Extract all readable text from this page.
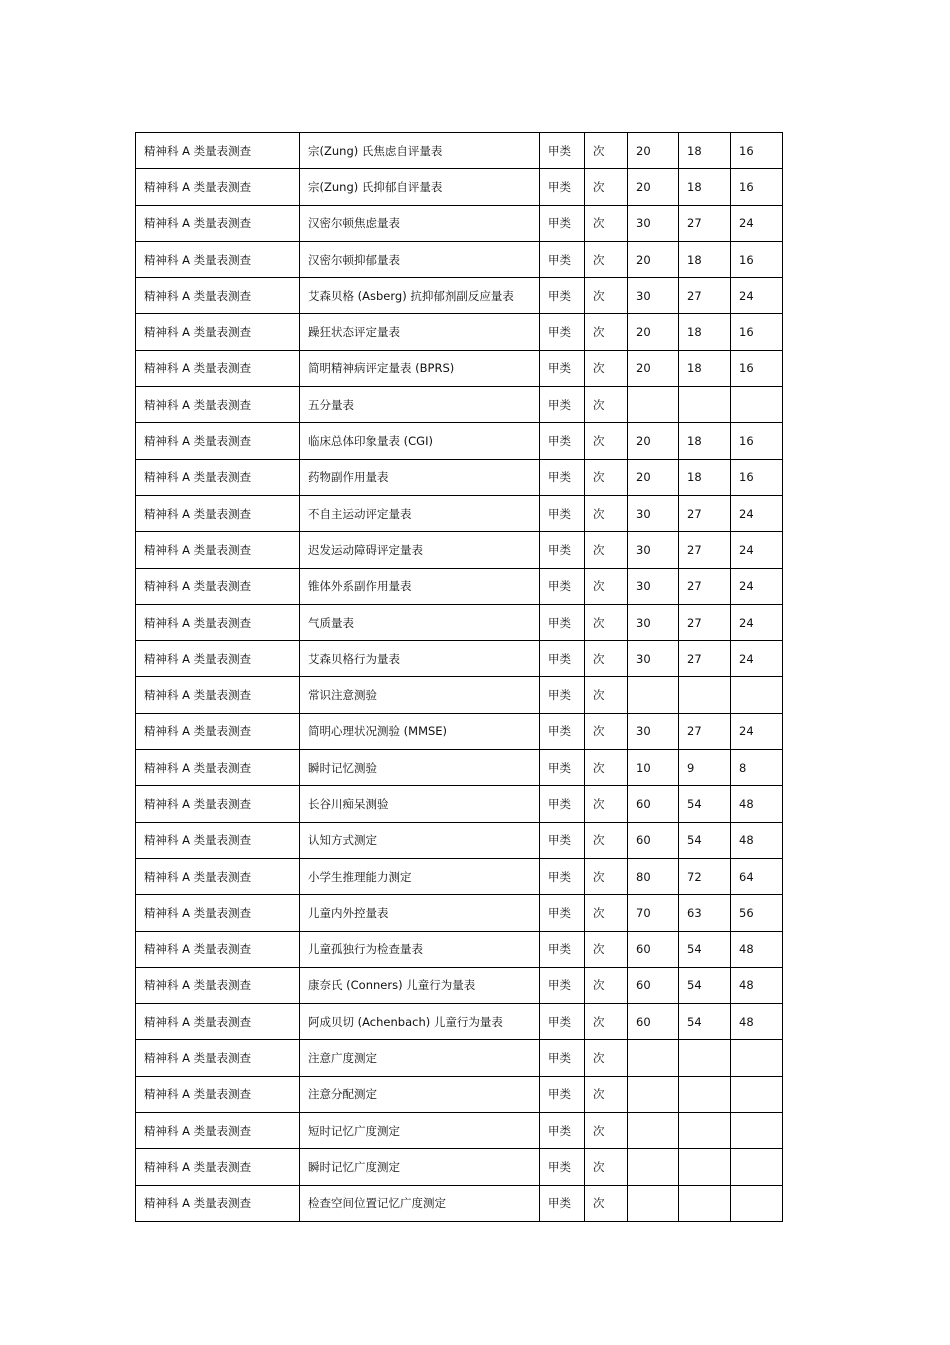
精神科 A 类量表测查	宗(Zung) 氏焦虑自评量表	甲类	次	20	18	16
精神科 A 类量表测查	宗(Zung) 氏抑郁自评量表	甲类	次	20	18	16
精神科 A 类量表测查	汉密尔顿焦虑量表	甲类	次	30	27	24
精神科 A 类量表测查	汉密尔顿抑郁量表	甲类	次	20	18	16
精神科 A 类量表测查	艾森贝格 (Asberg) 抗抑郁剂副反应量表	甲类	次	30	27	24
精神科 A 类量表测查	躁狂状态评定量表	甲类	次	20	18	16
精神科 A 类量表测查	简明精神病评定量表 (BPRS)	甲类	次	20	18	16
精神科 A 类量表测查	五分量表	甲类	次			
精神科 A 类量表测查	临床总体印象量表 (CGI)	甲类	次	20	18	16
精神科 A 类量表测查	药物副作用量表	甲类	次	20	18	16
精神科 A 类量表测查	不自主运动评定量表	甲类	次	30	27	24
精神科 A 类量表测查	迟发运动障碍评定量表	甲类	次	30	27	24
精神科 A 类量表测查	锥体外系副作用量表	甲类	次	30	27	24
精神科 A 类量表测查	气质量表	甲类	次	30	27	24
精神科 A 类量表测查	艾森贝格行为量表	甲类	次	30	27	24
精神科 A 类量表测查	常识注意测验	甲类	次			
精神科 A 类量表测查	简明心理状况测验 (MMSE)	甲类	次	30	27	24
精神科 A 类量表测查	瞬时记忆测验	甲类	次	10	9	8
精神科 A 类量表测查	长谷川痴呆测验	甲类	次	60	54	48
精神科 A 类量表测查	认知方式测定	甲类	次	60	54	48
精神科 A 类量表测查	小学生推理能力测定	甲类	次	80	72	64
精神科 A 类量表测查	儿童内外控量表	甲类	次	70	63	56
精神科 A 类量表测查	儿童孤独行为检查量表	甲类	次	60	54	48
精神科 A 类量表测查	康奈氏 (Conners) 儿童行为量表	甲类	次	60	54	48
精神科 A 类量表测查	阿成贝切 (Achenbach) 儿童行为量表	甲类	次	60	54	48
精神科 A 类量表测查	注意广度测定	甲类	次			
精神科 A 类量表测查	注意分配测定	甲类	次			
精神科 A 类量表测查	短时记忆广度测定	甲类	次			
精神科 A 类量表测查	瞬时记忆广度测定	甲类	次			
精神科 A 类量表测查	检查空间位置记忆广度测定	甲类	次			
